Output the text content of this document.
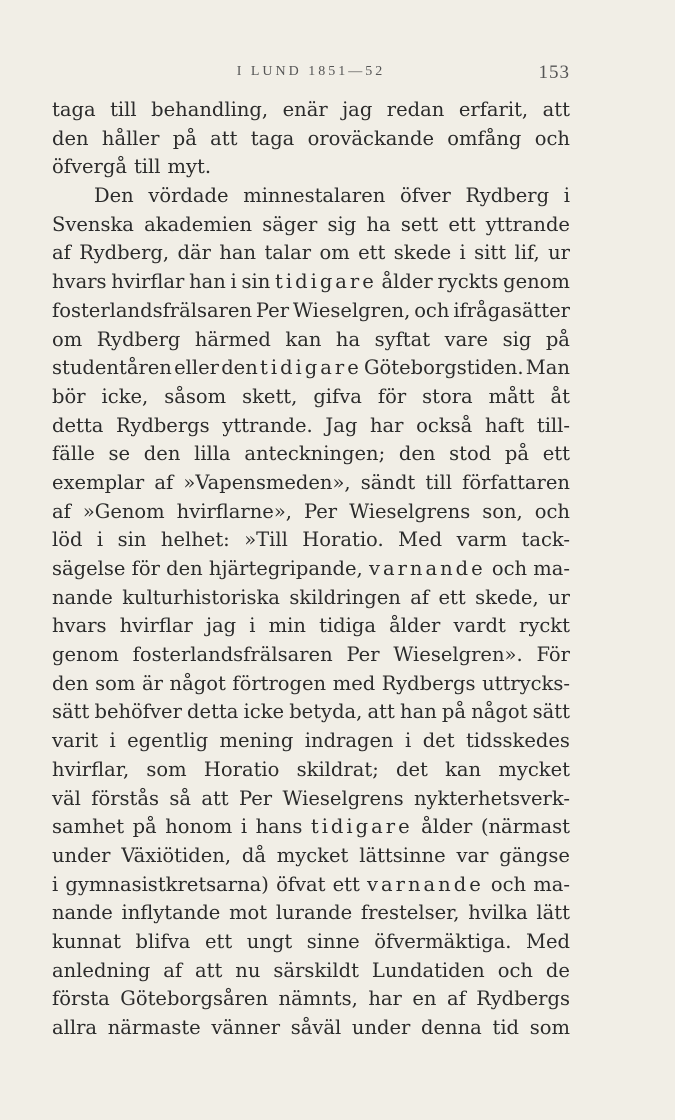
I LUND 1851—52	153
taga till behandling, enär jag redan erfarit, att
den håller på att taga oroväckande omfång och
öfvergå till myt.
Den vördade minnestalaren öfver Rydberg i
Svenska akademien säger sig ha sett ett yttrande
af Rydberg, där han talar om ett skede i sitt lif, ur
hvars hvirflar han i sin tidigare ålder ryckts genom
fosterlandsfrälsaren Per Wieselgren, och ifrågasätter
om Rydberg härmed kan ha syftat vare sig på
studentåren eller den tidigare Göteborgstiden. Man
bör icke, såsom skett, gifva för stora mått åt
detta Rydbergs yttrande. Jag har också haft till-
fälle se den lilla anteckningen; den stod på ett
exemplar af »Vapensmeden», sändt till författaren
af »Genom hvirflarne», Per Wieselgrens son, och
löd i sin helhet: »Till Horatio. Med varm tack-
sägelse för den hjärtegripande, varnande och ma-
nande kulturhistoriska skildringen af ett skede, ur
hvars hvirflar jag i min tidiga ålder vardt ryckt
genom fosterlandsfrälsaren Per Wieselgren». För
den som är något förtrogen med Rydbergs uttrycks-
sätt behöfver detta icke betyda, att han på något sätt
varit i egentlig mening indragen i det tidsskedes
hvirflar, som Horatio skildrat; det kan mycket
väl förstås så att Per Wieselgrens nykterhetsverk-
samhet på honom i hans tidigare ålder (närmast
under Växiötiden, då mycket lättsinne var gängse
i gymnasistkretsarna) öfvat ett varnande och ma-
nande inflytande mot lurande frestelser, hvilka lätt
kunnat blifva ett ungt sinne öfvermäktiga. Med
anledning af att nu särskildt Lundatiden och de
första Göteborgsåren nämnts, har en af Rydbergs
allra närmaste vänner såväl under denna tid som
